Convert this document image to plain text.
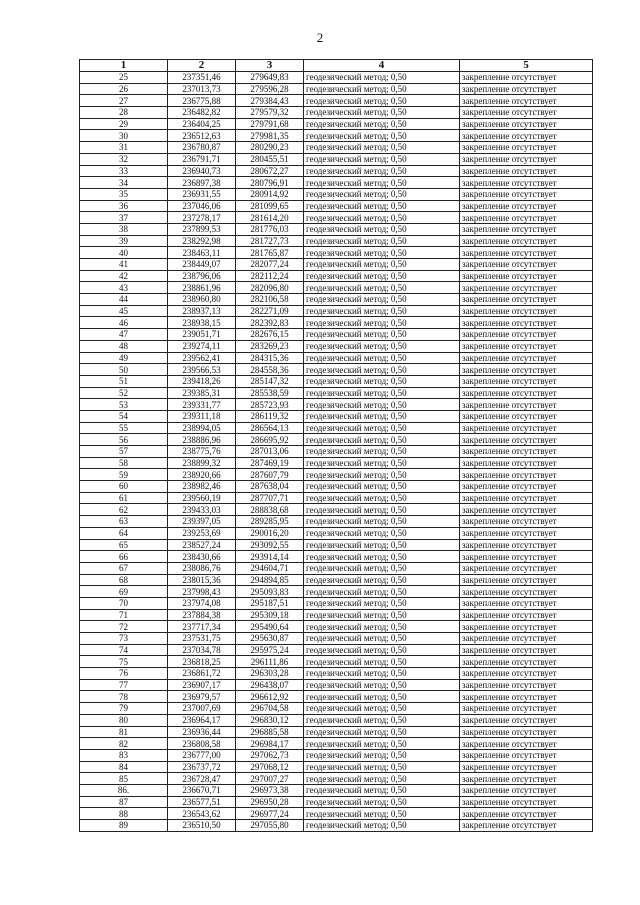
2
1	2	3	4	5
25	237351,46	279649,83	геодезический метод; 0,50	закрепление отсутствует
26	237013,73	279596,28	геодезический метод; 0,50	закрепление отсутствует
27	236775,88	279384,43	геодезический метод; 0,50	закрепление отсутствует
28	236482,82	279579,32	геодезический метод; 0,50	закрепление отсутствует
29	236404,25	279791,68	геодезический метод; 0,50	закрепление отсутствует
30	236512,63	279981,35	геодезический метод; 0,50	закрепление отсутствует
31	236780,87	280290,23	геодезический метод; 0,50	закрепление отсутствует
32	236791,71	280455,51	геодезический метод; 0,50	закрепление отсутствует
33	236940,73	280672,27	геодезический метод; 0,50	закрепление отсутствует
34	236897,38	280796,91	геодезический метод; 0,50	закрепление отсутствует
35	236931,55	280914,92	геодезический метод; 0,50	закрепление отсутствует
36	237046,06	281099,65	геодезический метод; 0,50	закрепление отсутствует
37	237278,17	281614,20	геодезический метод; 0,50	закрепление отсутствует
38	237899,53	281776,03	геодезический метод; 0,50	закрепление отсутствует
39	238292,98	281727,73	геодезический метод; 0,50	закрепление отсутствует
40	238463,11	281765,87	геодезический метод; 0,50	закрепление отсутствует
41	238449,07	282077,24	геодезический метод; 0,50	закрепление отсутствует
42	238796,06	282112,24	геодезический метод; 0,50	закрепление отсутствует
43	238861,96	282096,80	геодезический метод; 0,50	закрепление отсутствует
44	238960,80	282106,58	геодезический метод; 0,50	закрепление отсутствует
45	238937,13	282271,09	геодезический метод; 0,50	закрепление отсутствует
46	238938,15	282392,83	геодезический метод; 0,50	закрепление отсутствует
47	239051,71	282676,15	геодезический метод; 0,50	закрепление отсутствует
48	239274,11	283269,23	геодезический метод; 0,50	закрепление отсутствует
49	239562,41	284315,36	геодезический метод; 0,50	закрепление отсутствует
50	239566,53	284558,36	геодезический метод; 0,50	закрепление отсутствует
51	239418,26	285147,32	геодезический метод; 0,50	закрепление отсутствует
52	239385,31	285538,59	геодезический метод; 0,50	закрепление отсутствует
53	239331,77	285723,93	геодезический метод; 0,50	закрепление отсутствует
54	239311,18	286119,32	геодезический метод; 0,50	закрепление отсутствует
55	238994,05	286564,13	геодезический метод; 0,50	закрепление отсутствует
56	238886,96	286695,92	геодезический метод; 0,50	закрепление отсутствует
57	238775,76	287013,06	геодезический метод; 0,50	закрепление отсутствует
58	238899,32	287469,19	геодезический метод; 0,50	закрепление отсутствует
59	238920,66	287607,79	геодезический метод; 0,50	закрепление отсутствует
60	238982,46	287638,04	геодезический метод; 0,50	закрепление отсутствует
61	239560,19	287707,71	геодезический метод; 0,50	закрепление отсутствует
62	239433,03	288838,68	геодезический метод; 0,50	закрепление отсутствует
63	239397,05	289285,95	геодезический метод; 0,50	закрепление отсутствует
64	239253,69	290016,20	геодезический метод; 0,50	закрепление отсутствует
65	238527,24	293092,55	геодезический метод; 0,50	закрепление отсутствует
66	238430,66	293914,14	геодезический метод; 0,50	закрепление отсутствует
67	238086,76	294604,71	геодезический метод; 0,50	закрепление отсутствует
68	238015,36	294894,85	геодезический метод; 0,50	закрепление отсутствует
69	237998,43	295093,83	геодезический метод; 0,50	закрепление отсутствует
70	237974,08	295187,51	геодезический метод; 0,50	закрепление отсутствует
71	237884,38	295309,18	геодезический метод; 0,50	закрепление отсутствует
72	237717,34	295490,64	геодезический метод; 0,50	закрепление отсутствует
73	237531,75	295630,87	геодезический метод; 0,50	закрепление отсутствует
74	237034,78	295975,24	геодезический метод; 0,50	закрепление отсутствует
75	236818,25	296111,86	геодезический метод; 0,50	закрепление отсутствует
76	236861,72	296303,28	геодезический метод; 0,50	закрепление отсутствует
77	236907,17	296438,07	геодезический метод; 0,50	закрепление отсутствует
78	236979,57	296612,92	геодезический метод; 0,50	закрепление отсутствует
79	237007,69	296704,58	геодезический метод; 0,50	закрепление отсутствует
80	236964,17	296830,12	геодезический метод; 0,50	закрепление отсутствует
81	236936,44	296885,58	геодезический метод; 0,50	закрепление отсутствует
82	236808,58	296984,17	геодезический метод; 0,50	закрепление отсутствует
83	236777,00	297062,73	геодезический метод; 0,50	закрепление отсутствует
84	236737,72	297068,12	геодезический метод; 0,50	закрепление отсутствует
85	236728,47	297007,27	геодезический метод; 0,50	закрепление отсутствует
86.	236670,71	296973,38	геодезический метод; 0,50	закрепление отсутствует
87	236577,51	296950,28	геодезический метод; 0,50	закрепление отсутствует
88	236543,62	296977,24	геодезический метод; 0,50	закрепление отсутствует
89	236510,50	297055,80	геодезический метод; 0,50	закрепление отсутствует
